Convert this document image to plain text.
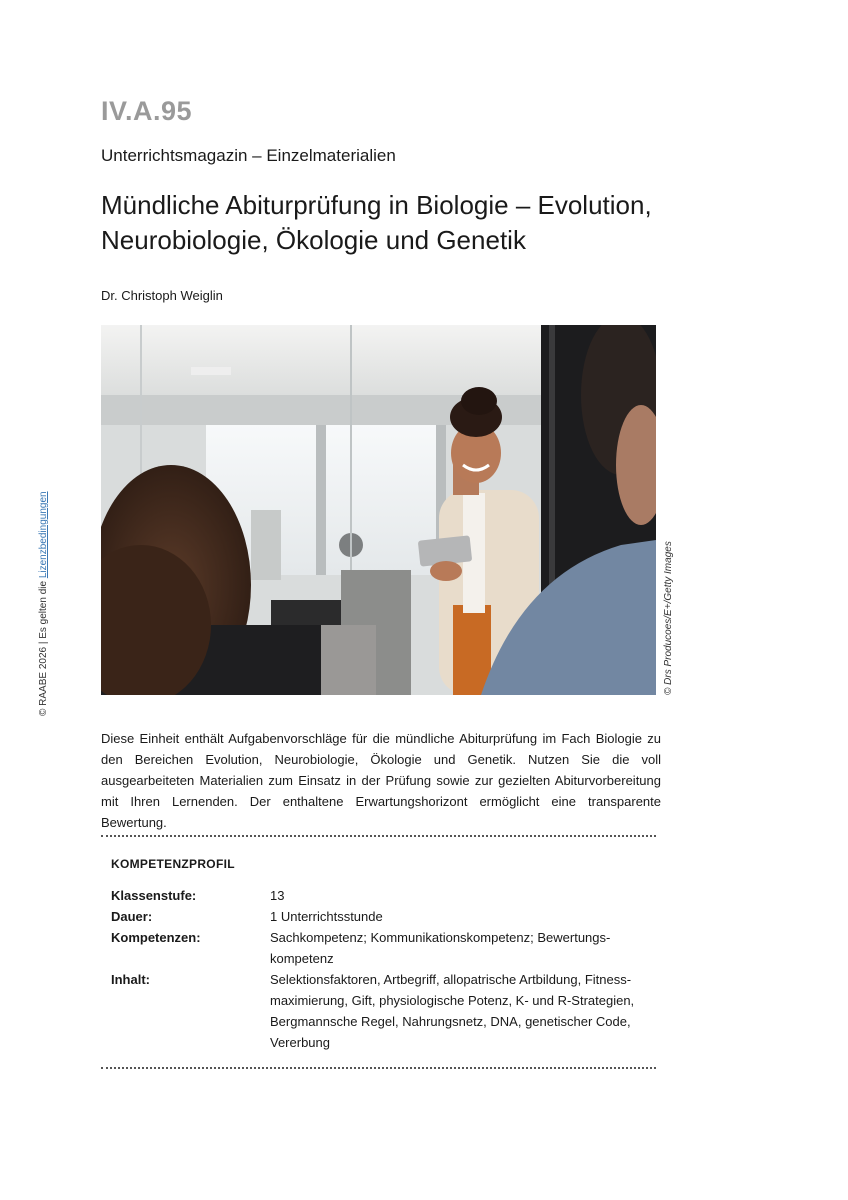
IV.A.95
Unterrichtsmagazin – Einzelmaterialien
Mündliche Abiturprüfung in Biologie – Evolution,
Neurobiologie, Ökologie und Genetik
Dr. Christoph Weiglin
© Drs Producoes/E+/Getty Images
© RAABE 2026 | Es gelten die Lizenzbedingungen

Diese Einheit enthält Aufgabenvorschläge für die mündliche Abiturprüfung im Fach Biologie zu den Bereichen Evolution, Neurobiologie, Ökologie und Genetik. Nutzen Sie die voll ausgearbeiteten Materialien zum Einsatz in der Prüfung sowie zur gezielten Abiturvorbereitung mit Ihren Lernenden. Der enthaltene Erwartungshorizont ermöglicht eine transparente Bewertung.

KOMPETENZPROFIL
Klassenstufe:	13
Dauer:	1 Unterrichtsstunde
Kompetenzen:	Sachkompetenz; Kommunikationskompetenz; Bewertungskompetenz
Inhalt:	Selektionsfaktoren, Artbegriff, allopatrische Artbildung, Fitnessmaximierung, Gift, physiologische Potenz, K- und R-Strategien, Bergmannsche Regel, Nahrungsnetz, DNA, genetischer Code, Vererbung
